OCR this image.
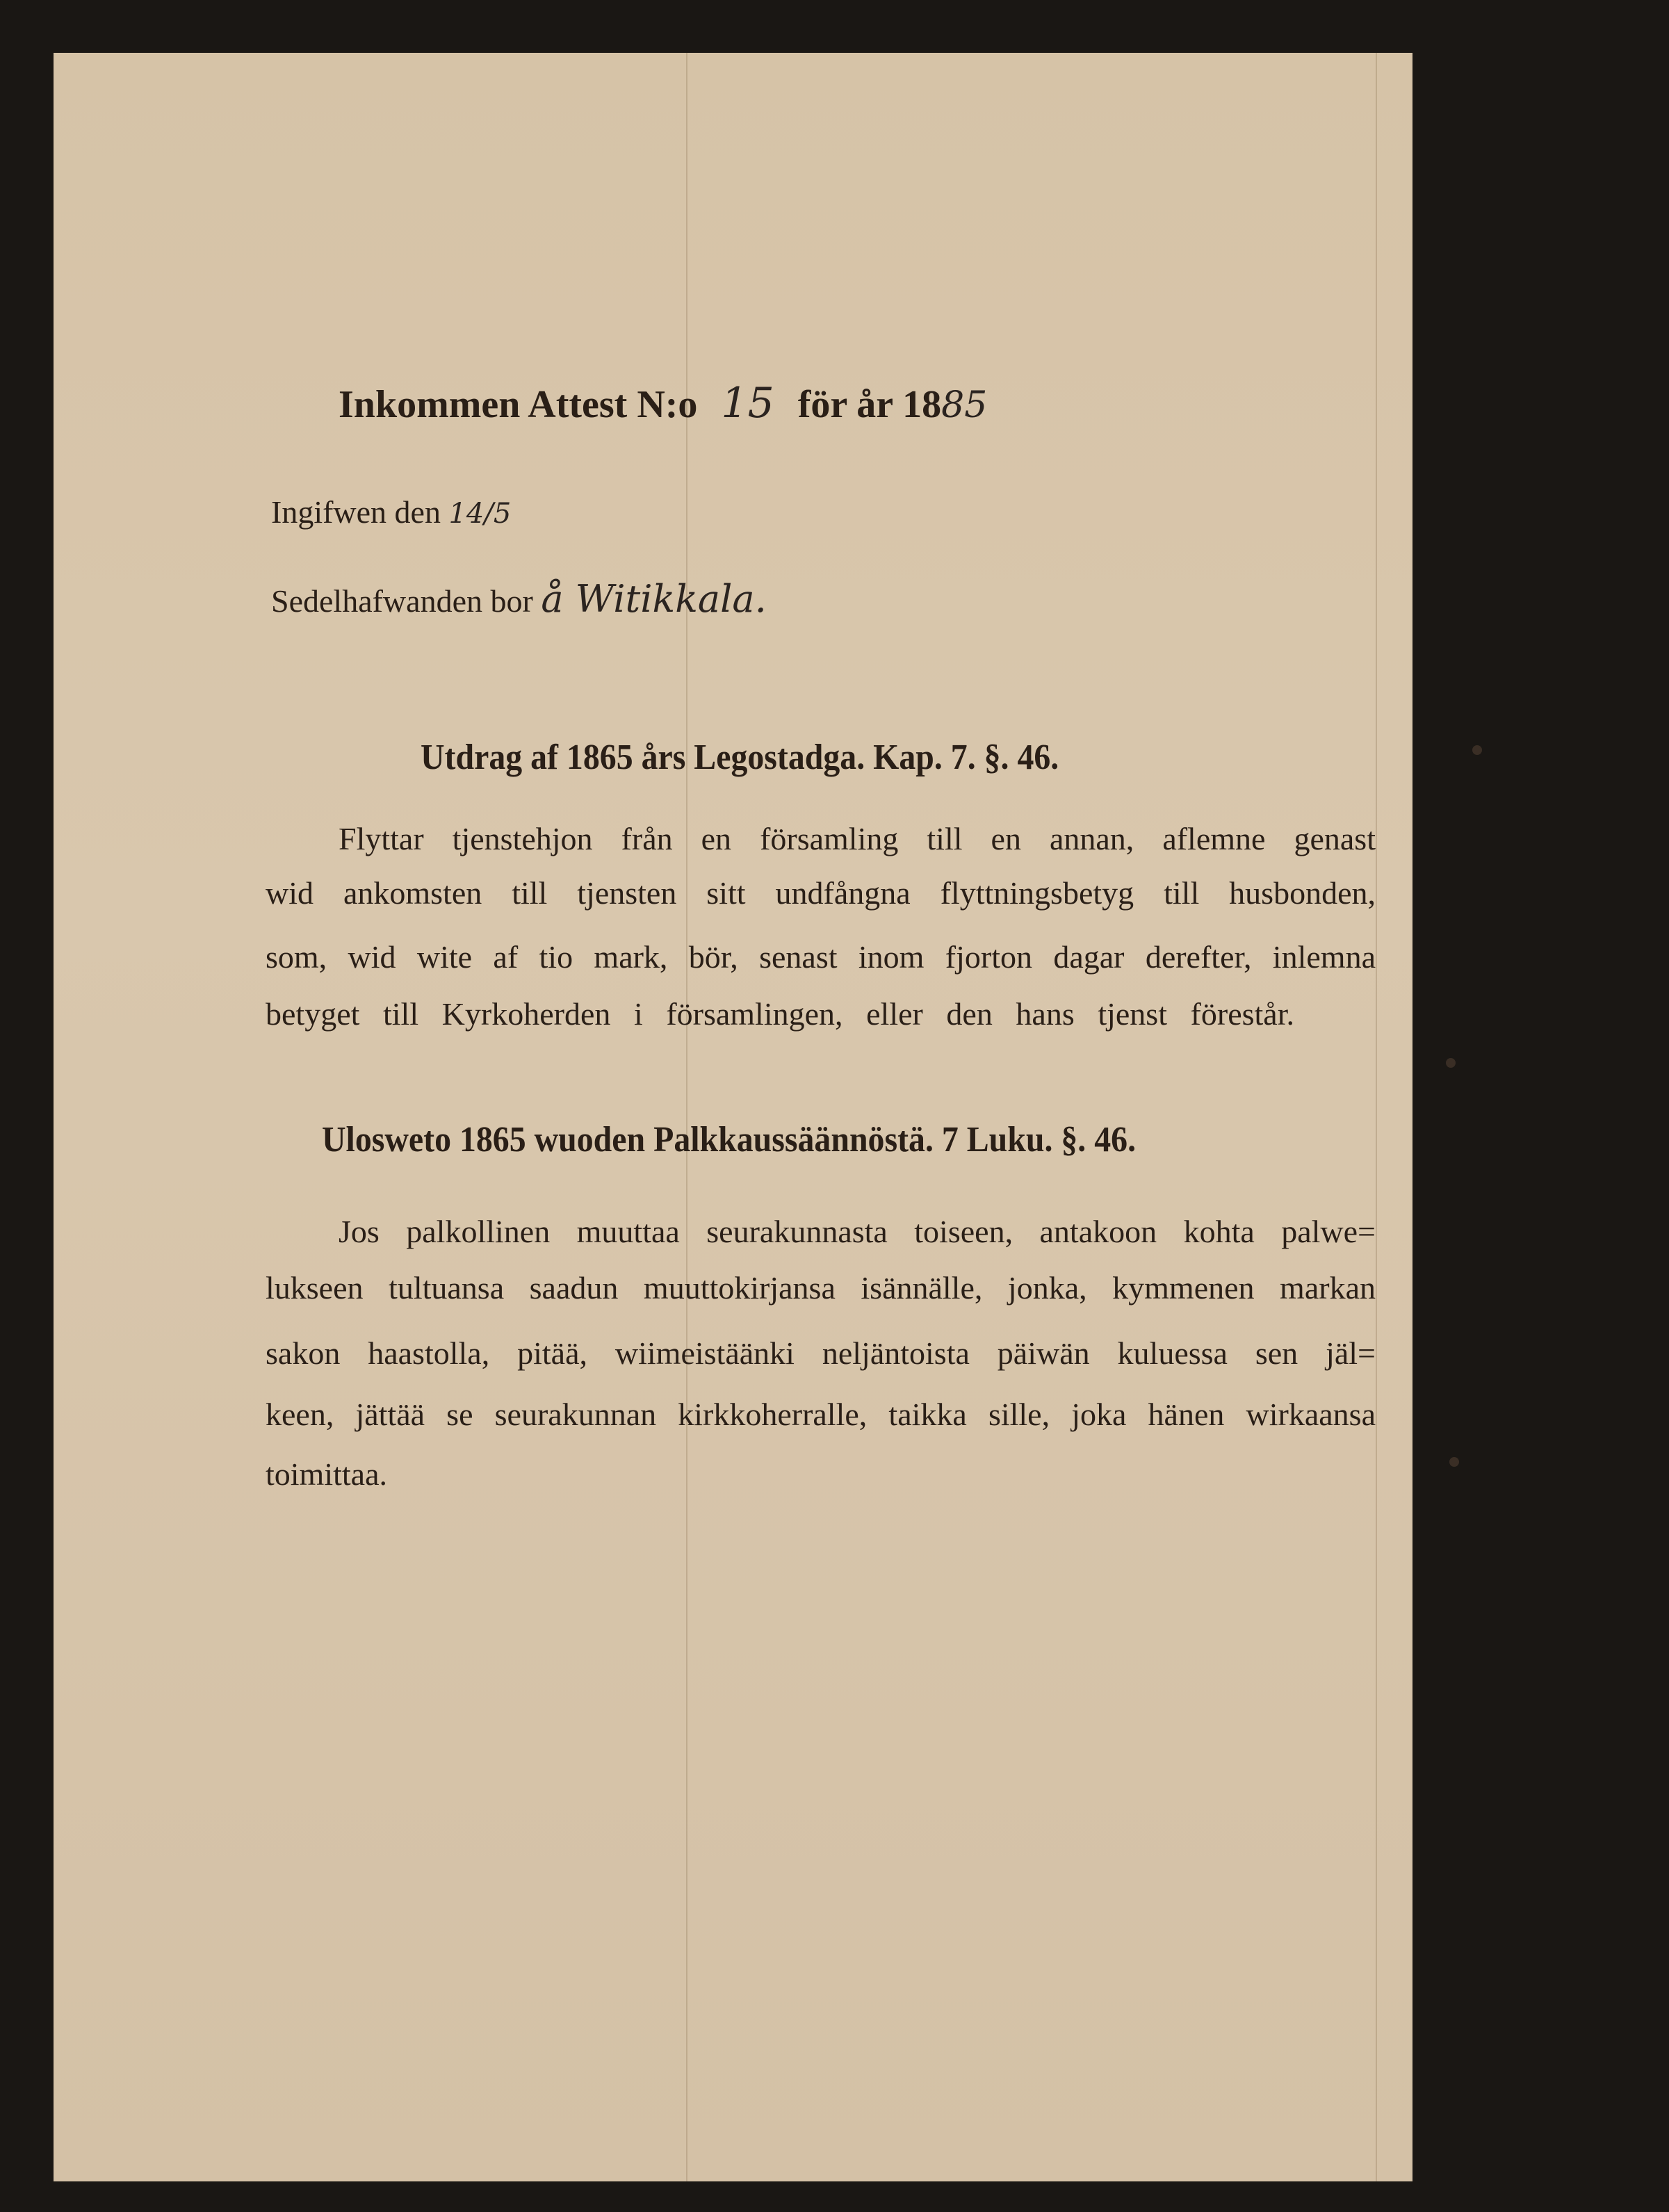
Inkommen Attest N:o 15 för år 1885
Ingifwen den 14/5
Sedelhafwanden bor å Witikkala.
Utdrag af 1865 års Legostadga. Kap. 7. §. 46.
Flyttar tjenstehjon från en församling till en annan, aflemne genast
wid ankomsten till tjensten sitt undfångna flyttningsbetyg till husbonden,
som, wid wite af tio mark, bör, senast inom fjorton dagar derefter, inlemna
betyget till Kyrkoherden i församlingen, eller den hans tjenst förestår.
Ulosweto 1865 wuoden Palkkaussäännöstä. 7 Luku. §. 46.
Jos palkollinen muuttaa seurakunnasta toiseen, antakoon kohta palwe=
lukseen tultuansa saadun muuttokirjansa isännälle, jonka, kymmenen markan
sakon haastolla, pitää, wiimeistäänki neljäntoista päiwän kuluessa sen jäl=
keen, jättää se seurakunnan kirkkoherralle, taikka sille, joka hänen wirkaansa
toimittaa.
